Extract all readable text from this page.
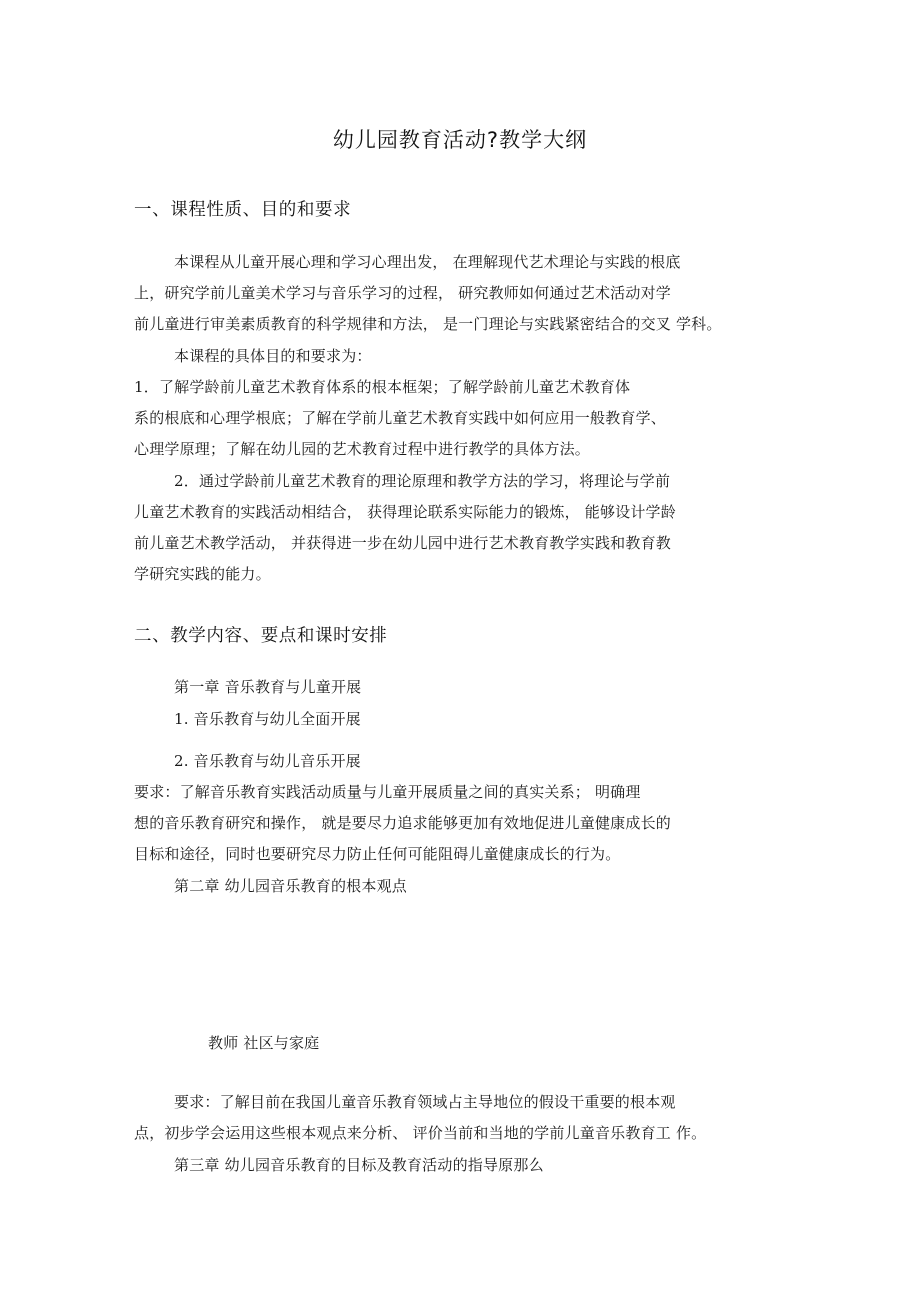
幼儿园教育活动?教学大纲
一、课程性质、目的和要求
本课程从儿童开展心理和学习心理出发， 在理解现代艺术理论与实践的根底
上，研究学前儿童美术学习与音乐学习的过程， 研究教师如何通过艺术活动对学
前儿童进行审美素质教育的科学规律和方法， 是一门理论与实践紧密结合的交叉 学科。
本课程的具体目的和要求为：
1．了解学龄前儿童艺术教育体系的根本框架；了解学龄前儿童艺术教育体
系的根底和心理学根底；了解在学前儿童艺术教育实践中如何应用一般教育学、
心理学原理；了解在幼儿园的艺术教育过程中进行教学的具体方法。
2．通过学龄前儿童艺术教育的理论原理和教学方法的学习，将理论与学前
儿童艺术教育的实践活动相结合， 获得理论联系实际能力的锻炼， 能够设计学龄
前儿童艺术教学活动， 并获得进一步在幼儿园中进行艺术教育教学实践和教育教
学研究实践的能力。
二、教学内容、要点和课时安排
第一章 音乐教育与儿童开展
1. 音乐教育与幼儿全面开展
2. 音乐教育与幼儿音乐开展
要求：了解音乐教育实践活动质量与儿童开展质量之间的真实关系； 明确理
想的音乐教育研究和操作， 就是要尽力追求能够更加有效地促进儿童健康成长的
目标和途径，同时也要研究尽力防止任何可能阻碍儿童健康成长的行为。
第二章 幼儿园音乐教育的根本观点
教师 社区与家庭
要求：了解目前在我国儿童音乐教育领域占主导地位的假设干重要的根本观
点，初步学会运用这些根本观点来分析、 评价当前和当地的学前儿童音乐教育工 作。
第三章 幼儿园音乐教育的目标及教育活动的指导原那么
